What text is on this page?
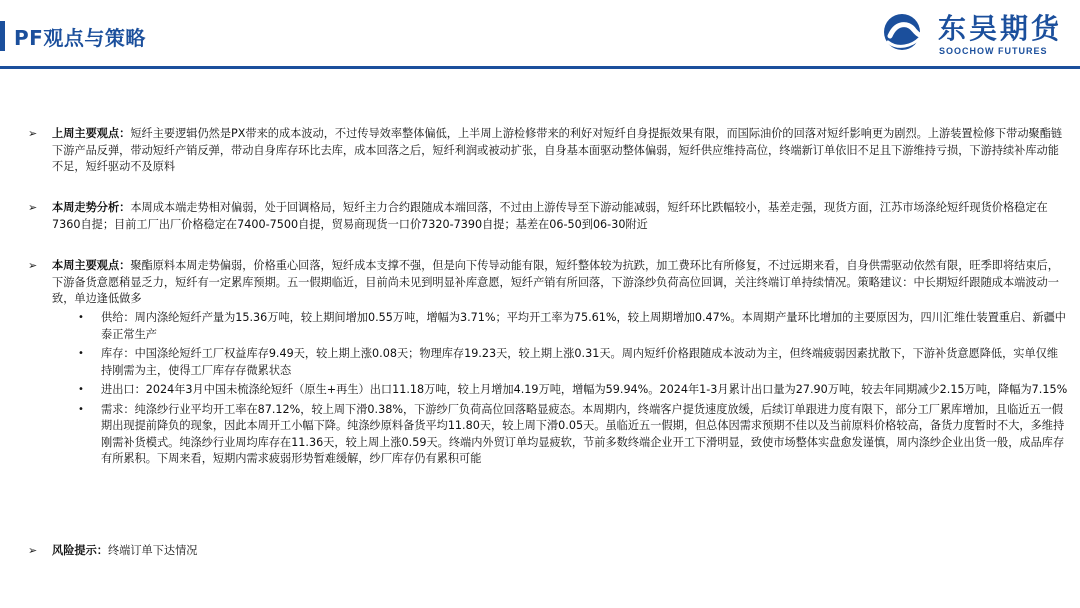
PF观点与策略	东吴期货
SOOCHOW FUTURES
➢ 上周主要观点：短纤主要逻辑仍然是PX带来的成本波动，不过传导效率整体偏低，上半周上游检修带来的利好对短纤自身提振效果有限，而国际油价的回落对短纤影响更为剧烈。上游装置检修下带动聚酯链下游产品反弹，带动短纤产销反弹，带动自身库存环比去库，成本回落之后，短纤利润或被动扩张，自身基本面驱动整体偏弱，短纤供应维持高位，终端新订单依旧不足且下游维持亏损，下游持续补库动能不足，短纤驱动不及原料
➢ 本周走势分析：本周成本端走势相对偏弱，处于回调格局，短纤主力合约跟随成本端回落，不过由上游传导至下游动能减弱，短纤环比跌幅较小，基差走强，现货方面，江苏市场涤纶短纤现货价格稳定在7360自提；目前工厂出厂价格稳定在7400-7500自提，贸易商现货一口价7320-7390自提；基差在06-50到06-30附近
➢ 本周主要观点：聚酯原料本周走势偏弱，价格重心回落，短纤成本支撑不强，但是向下传导动能有限，短纤整体较为抗跌，加工费环比有所修复，不过远期来看，自身供需驱动依然有限，旺季即将结束后，下游备货意愿稍显乏力，短纤有一定累库预期。五一假期临近，目前尚未见到明显补库意愿，短纤产销有所回落，下游涤纱负荷高位回调，关注终端订单持续情况。策略建议：中长期短纤跟随成本端波动一致，单边逢低做多
• 供给：周内涤纶短纤产量为15.36万吨，较上期间增加0.55万吨，增幅为3.71%；平均开工率为75.61%，较上周期增加0.47%。本周期产量环比增加的主要原因为，四川汇维仕装置重启、新疆中泰正常生产
• 库存：中国涤纶短纤工厂权益库存9.49天，较上期上涨0.08天；物理库存19.23天，较上期上涨0.31天。周内短纤价格跟随成本波动为主，但终端疲弱因素扰散下，下游补货意愿降低，实单仅维持刚需为主，使得工厂库存存微累状态
• 进出口：2024年3月中国未梳涤纶短纤（原生+再生）出口11.18万吨，较上月增加4.19万吨，增幅为59.94%。2024年1-3月累计出口量为27.90万吨，较去年同期减少2.15万吨，降幅为7.15%
• 需求：纯涤纱行业平均开工率在87.12%，较上周下滑0.38%，下游纱厂负荷高位回落略显疲态。本周期内，终端客户提货速度放缓，后续订单跟进力度有限下，部分工厂累库增加，且临近五一假期出现提前降负的现象，因此本周开工小幅下降。纯涤纱原料备货平均11.80天，较上周下滑0.05天。虽临近五一假期，但总体因需求预期不佳以及当前原料价格较高，备货力度暂时不大，多维持刚需补货模式。纯涤纱行业周均库存在11.36天，较上周上涨0.59天。终端内外贸订单均显疲软，节前多数终端企业开工下滑明显，致使市场整体实盘愈发谨慎，周内涤纱企业出货一般，成品库存有所累积。下周来看，短期内需求疲弱形势暂难缓解，纱厂库存仍有累积可能
➢ 风险提示：终端订单下达情况
